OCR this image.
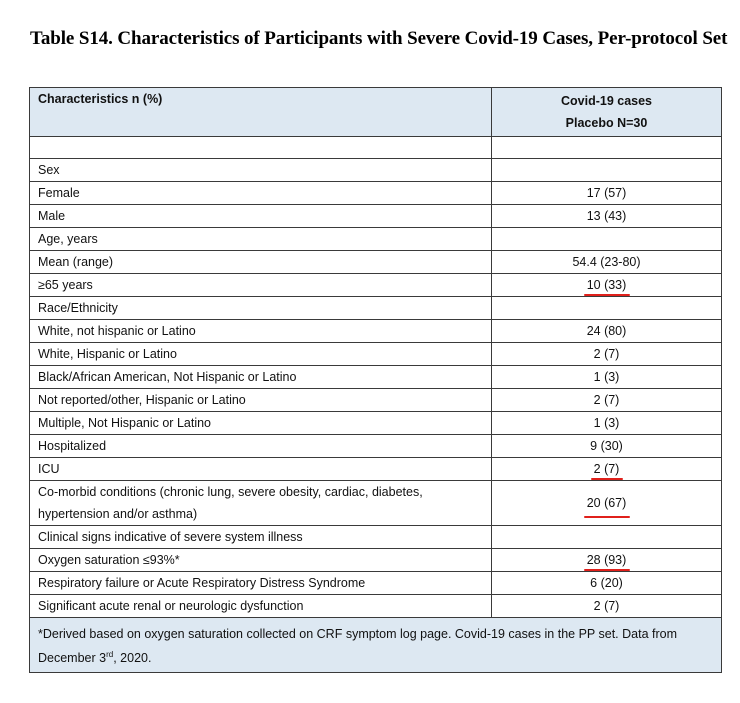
Table S14. Characteristics of Participants with Severe Covid-19 Cases, Per-protocol Set
Characteristics n (%)	Covid-19 cases
Placebo N=30

Sex	
Female	17 (57)
Male	13 (43)
Age, years	
Mean (range)	54.4 (23-80)
≥65 years	10 (33)
Race/Ethnicity	
White, not hispanic or Latino	24 (80)
White, Hispanic or Latino	2 (7)
Black/African American, Not Hispanic or Latino	1 (3)
Not reported/other, Hispanic or Latino	2 (7)
Multiple, Not Hispanic or Latino	1 (3)
Hospitalized	9 (30)
ICU	2 (7)
Co-morbid conditions (chronic lung, severe obesity, cardiac, diabetes, hypertension and/or asthma)	20 (67)
Clinical signs indicative of severe system illness	
Oxygen saturation ≤93%*	28 (93)
Respiratory failure or Acute Respiratory Distress Syndrome	6 (20)
Significant acute renal or neurologic dysfunction	2 (7)
*Derived based on oxygen saturation collected on CRF symptom log page. Covid-19 cases in the PP set. Data from December 3rd, 2020.	
